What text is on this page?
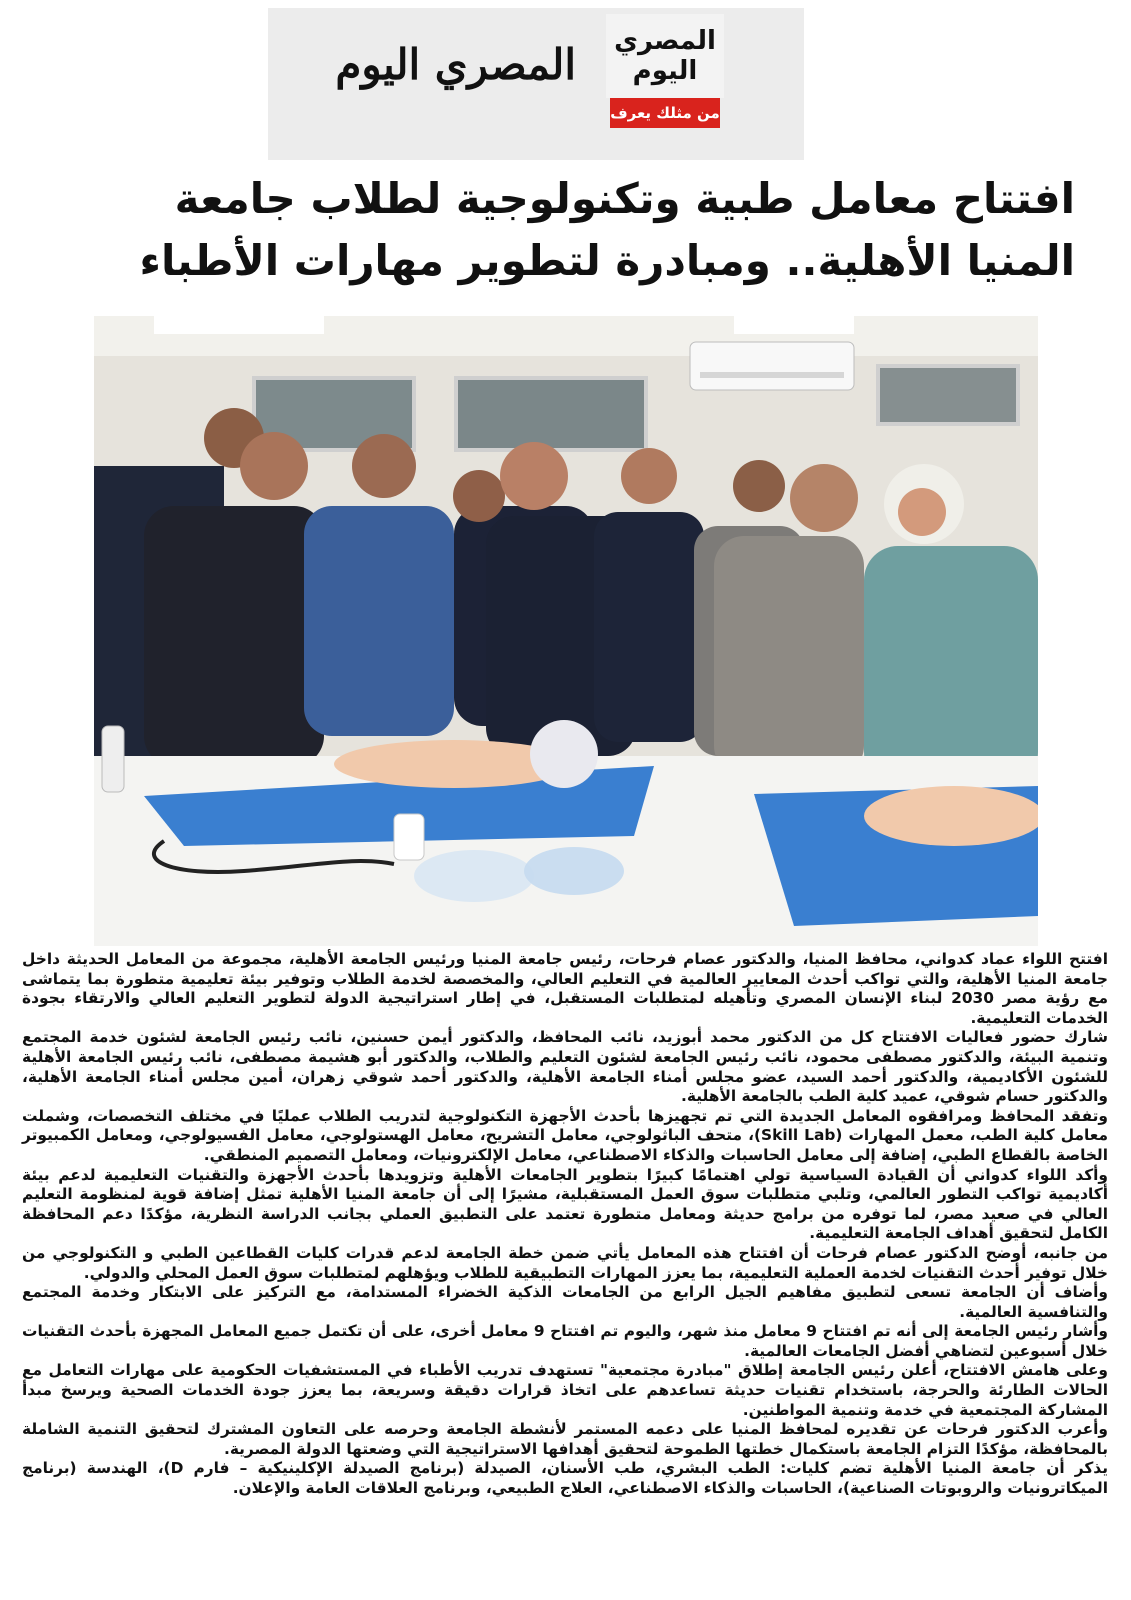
المصري
اليوم
من مثلك يعرف
المصري اليوم
افتتاح معامل طبية وتكنولوجية لطلاب جامعة المنيا الأهلية.. ومبادرة لتطوير مهارات الأطباء

افتتح اللواء عماد كدواني، محافظ المنيا، والدكتور عصام فرحات، رئيس جامعة المنيا ورئيس الجامعة الأهلية، مجموعة من المعامل الحديثة داخل جامعة المنيا الأهلية، والتي تواكب أحدث المعايير العالمية في التعليم العالي، والمخصصة لخدمة الطلاب وتوفير بيئة تعليمية متطورة بما يتماشى مع رؤية مصر 2030 لبناء الإنسان المصري وتأهيله لمتطلبات المستقبل، في إطار استراتيجية الدولة لتطوير التعليم العالي والارتقاء بجودة الخدمات التعليمية.

شارك حضور فعاليات الافتتاح كل من الدكتور محمد أبوزيد، نائب المحافظ، والدكتور أيمن حسنين، نائب رئيس الجامعة لشئون خدمة المجتمع وتنمية البيئة، والدكتور مصطفى محمود، نائب رئيس الجامعة لشئون التعليم والطلاب، والدكتور أبو هشيمة مصطفى، نائب رئيس الجامعة الأهلية للشئون الأكاديمية، والدكتور أحمد السيد، عضو مجلس أمناء الجامعة الأهلية، والدكتور أحمد شوقي زهران، أمين مجلس أمناء الجامعة الأهلية، والدكتور حسام شوقي، عميد كلية الطب بالجامعة الأهلية.

وتفقد المحافظ ومرافقوه المعامل الجديدة التي تم تجهيزها بأحدث الأجهزة التكنولوجية لتدريب الطلاب عمليًا في مختلف التخصصات، وشملت معامل كلية الطب، معمل المهارات (Skill Lab)، متحف الباثولوجي، معامل التشريح، معامل الهستولوجي، معامل الفسيولوجي، ومعامل الكمبيوتر الخاصة بالقطاع الطبي، إضافة إلى معامل الحاسبات والذكاء الاصطناعي، معامل الإلكترونيات، ومعامل التصميم المنطقي.

وأكد اللواء كدواني أن القيادة السياسية تولي اهتمامًا كبيرًا بتطوير الجامعات الأهلية وتزويدها بأحدث الأجهزة والتقنيات التعليمية لدعم بيئة أكاديمية تواكب التطور العالمي، وتلبي متطلبات سوق العمل المستقبلية، مشيرًا إلى أن جامعة المنيا الأهلية تمثل إضافة قوية لمنظومة التعليم العالي في صعيد مصر، لما توفره من برامج حديثة ومعامل متطورة تعتمد على التطبيق العملي بجانب الدراسة النظرية، مؤكدًا دعم المحافظة الكامل لتحقيق أهداف الجامعة التعليمية.

من جانبه، أوضح الدكتور عصام فرحات أن افتتاح هذه المعامل يأتي ضمن خطة الجامعة لدعم قدرات كليات القطاعين الطبي و التكنولوجي من خلال توفير أحدث التقنيات لخدمة العملية التعليمية، بما يعزز المهارات التطبيقية للطلاب ويؤهلهم لمتطلبات سوق العمل المحلي والدولي.

وأضاف أن الجامعة تسعى لتطبيق مفاهيم الجيل الرابع من الجامعات الذكية الخضراء المستدامة، مع التركيز على الابتكار وخدمة المجتمع والتنافسية العالمية.

وأشار رئيس الجامعة إلى أنه تم افتتاح 9 معامل منذ شهر، واليوم تم افتتاح 9 معامل أخرى، على أن تكتمل جميع المعامل المجهزة بأحدث التقنيات خلال أسبوعين لتضاهي أفضل الجامعات العالمية.

وعلى هامش الافتتاح، أعلن رئيس الجامعة إطلاق "مبادرة مجتمعية" تستهدف تدريب الأطباء في المستشفيات الحكومية على مهارات التعامل مع الحالات الطارئة والحرجة، باستخدام تقنيات حديثة تساعدهم على اتخاذ قرارات دقيقة وسريعة، بما يعزز جودة الخدمات الصحية ويرسخ مبدأ المشاركة المجتمعية في خدمة وتنمية المواطنين.

وأعرب الدكتور فرحات عن تقديره لمحافظ المنيا على دعمه المستمر لأنشطة الجامعة وحرصه على التعاون المشترك لتحقيق التنمية الشاملة بالمحافظة، مؤكدًا التزام الجامعة باستكمال خطتها الطموحة لتحقيق أهدافها الاستراتيجية التي وضعتها الدولة المصرية.

يذكر أن جامعة المنيا الأهلية تضم كليات: الطب البشري، طب الأسنان، الصيدلة (برنامج الصيدلة الإكلينيكية – فارم D)، الهندسة (برنامج الميكاترونيات والروبوتات الصناعية)، الحاسبات والذكاء الاصطناعي، العلاج الطبيعي، وبرنامج العلاقات العامة والإعلان.
